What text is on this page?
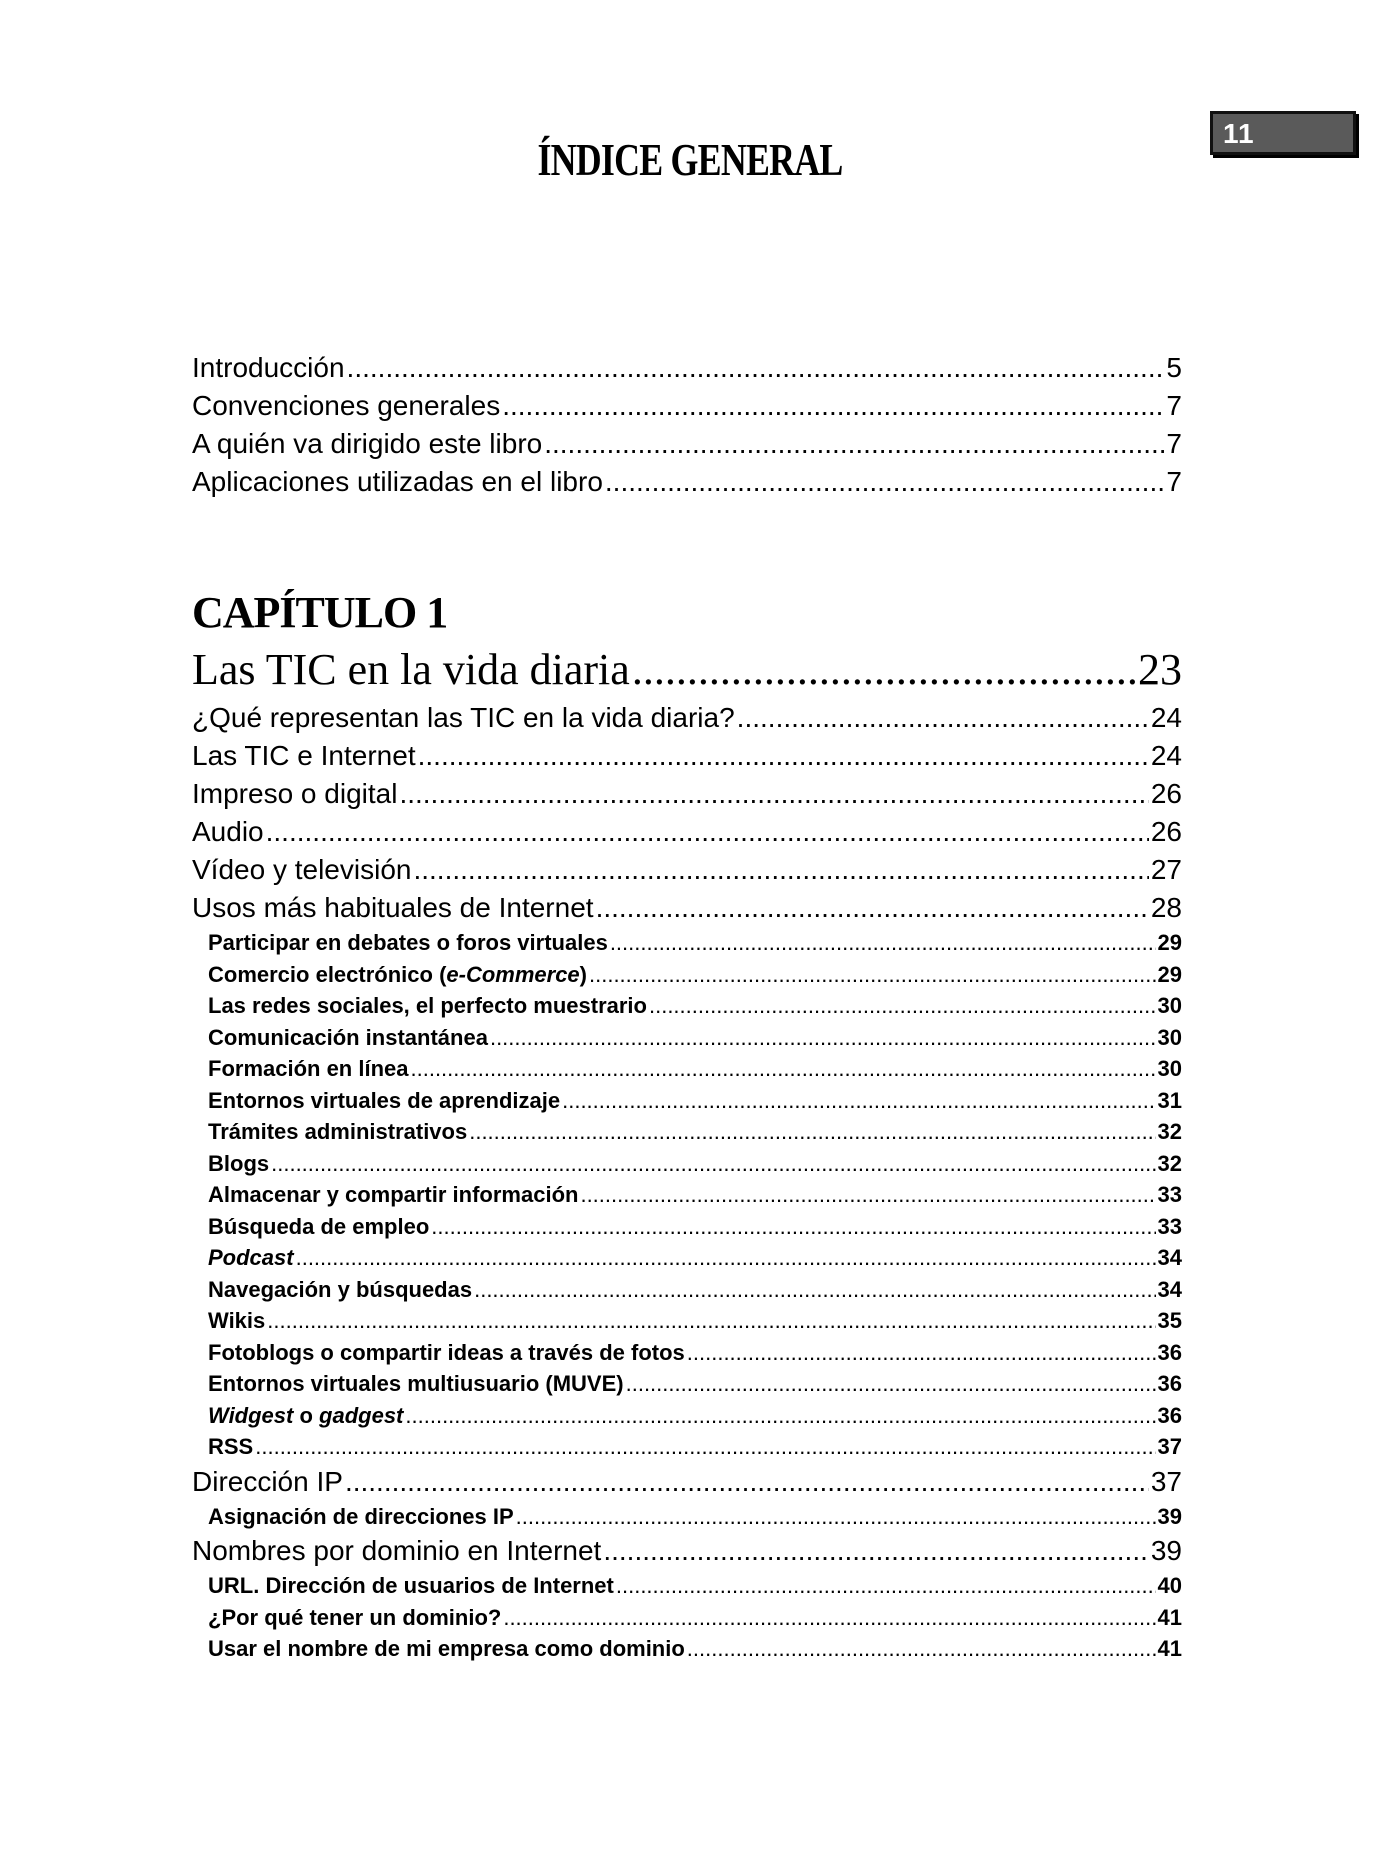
11
ÍNDICE GENERAL
Introducción .....	5
Convenciones generales .....	7
A quién va dirigido este libro .....	7
Aplicaciones utilizadas en el libro .....	7
CAPÍTULO 1
Las TIC en la vida diaria .....	23
¿Qué representan las TIC en la vida diaria? .....	24
Las TIC e Internet .....	24
Impreso o digital .....	26
Audio .....	26
Vídeo y televisión .....	27
Usos más habituales de Internet .....	28
Participar en debates o foros virtuales .....	29
Comercio electrónico (e-Commerce) .....	29
Las redes sociales, el perfecto muestrario .....	30
Comunicación instantánea .....	30
Formación en línea .....	30
Entornos virtuales de aprendizaje .....	31
Trámites administrativos .....	32
Blogs .....	32
Almacenar y compartir información .....	33
Búsqueda de empleo .....	33
Podcast .....	34
Navegación y búsquedas .....	34
Wikis .....	35
Fotoblogs o compartir ideas a través de fotos .....	36
Entornos virtuales multiusuario (MUVE) .....	36
Widgest o gadgest .....	36
RSS .....	37
Dirección IP .....	37
Asignación de direcciones IP .....	39
Nombres por dominio en Internet .....	39
URL. Dirección de usuarios de Internet .....	40
¿Por qué tener un dominio? .....	41
Usar el nombre de mi empresa como dominio .....	41
